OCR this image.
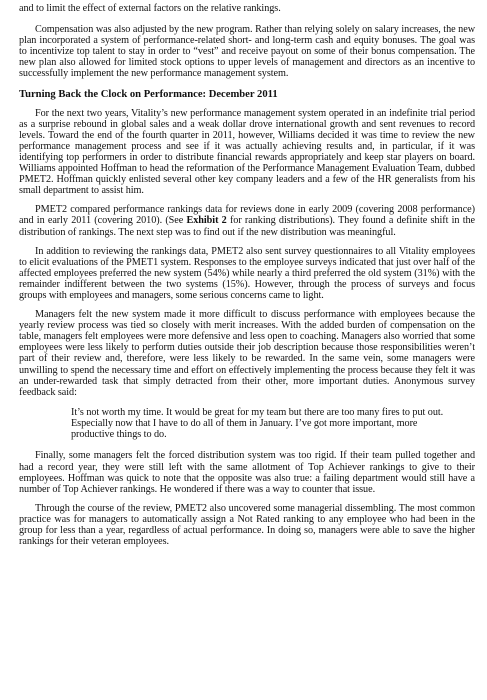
and to limit the effect of external factors on the relative rankings.

Compensation was also adjusted by the new program. Rather than relying solely on salary increases, the new plan incorporated a system of performance-related short- and long-term cash and equity bonuses. The goal was to incentivize top talent to stay in order to “vest” and receive payout on some of their bonus compensation. The new plan also allowed for limited stock options to upper levels of management and directors as an incentive to successfully implement the new performance management system.

Turning Back the Clock on Performance: December 2011

For the next two years, Vitality’s new performance management system operated in an indefinite trial period as a surprise rebound in global sales and a weak dollar drove international growth and sent revenues to record levels. Toward the end of the fourth quarter in 2011, however, Williams decided it was time to review the new performance management process and see if it was actually achieving results and, in particular, if it was identifying top performers in order to distribute financial rewards appropriately and keep star players on board. Williams appointed Hoffman to head the reformation of the Performance Management Evaluation Team, dubbed PMET2. Hoffman quickly enlisted several other key company leaders and a few of the HR generalists from his small department to assist him.

PMET2 compared performance rankings data for reviews done in early 2009 (covering 2008 performance) and in early 2011 (covering 2010). (See Exhibit 2 for ranking distributions). They found a definite shift in the distribution of rankings. The next step was to find out if the new distribution was meaningful.

In addition to reviewing the rankings data, PMET2 also sent survey questionnaires to all Vitality employees to elicit evaluations of the PMET1 system. Responses to the employee surveys indicated that just over half of the affected employees preferred the new system (54%) while nearly a third preferred the old system (31%) with the remainder indifferent between the two systems (15%). However, through the process of surveys and focus groups with employees and managers, some serious concerns came to light.

Managers felt the new system made it more difficult to discuss performance with employees because the yearly review process was tied so closely with merit increases. With the added burden of compensation on the table, managers felt employees were more defensive and less open to coaching. Managers also worried that some employees were less likely to perform duties outside their job description because those responsibilities weren’t part of their review and, therefore, were less likely to be rewarded. In the same vein, some managers were unwilling to spend the necessary time and effort on effectively implementing the process because they felt it was an under-rewarded task that simply detracted from their other, more important duties. Anonymous survey feedback said:

It’s not worth my time. It would be great for my team but there are too many fires to put out. Especially now that I have to do all of them in January. I’ve got more important, more productive things to do.

Finally, some managers felt the forced distribution system was too rigid. If their team pulled together and had a record year, they were still left with the same allotment of Top Achiever rankings to give to their employees. Hoffman was quick to note that the opposite was also true: a failing department would still have a number of Top Achiever rankings. He wondered if there was a way to counter that issue.

Through the course of the review, PMET2 also uncovered some managerial dissembling. The most common practice was for managers to automatically assign a Not Rated ranking to any employee who had been in the group for less than a year, regardless of actual performance. In doing so, managers were able to save the higher rankings for their veteran employees.
